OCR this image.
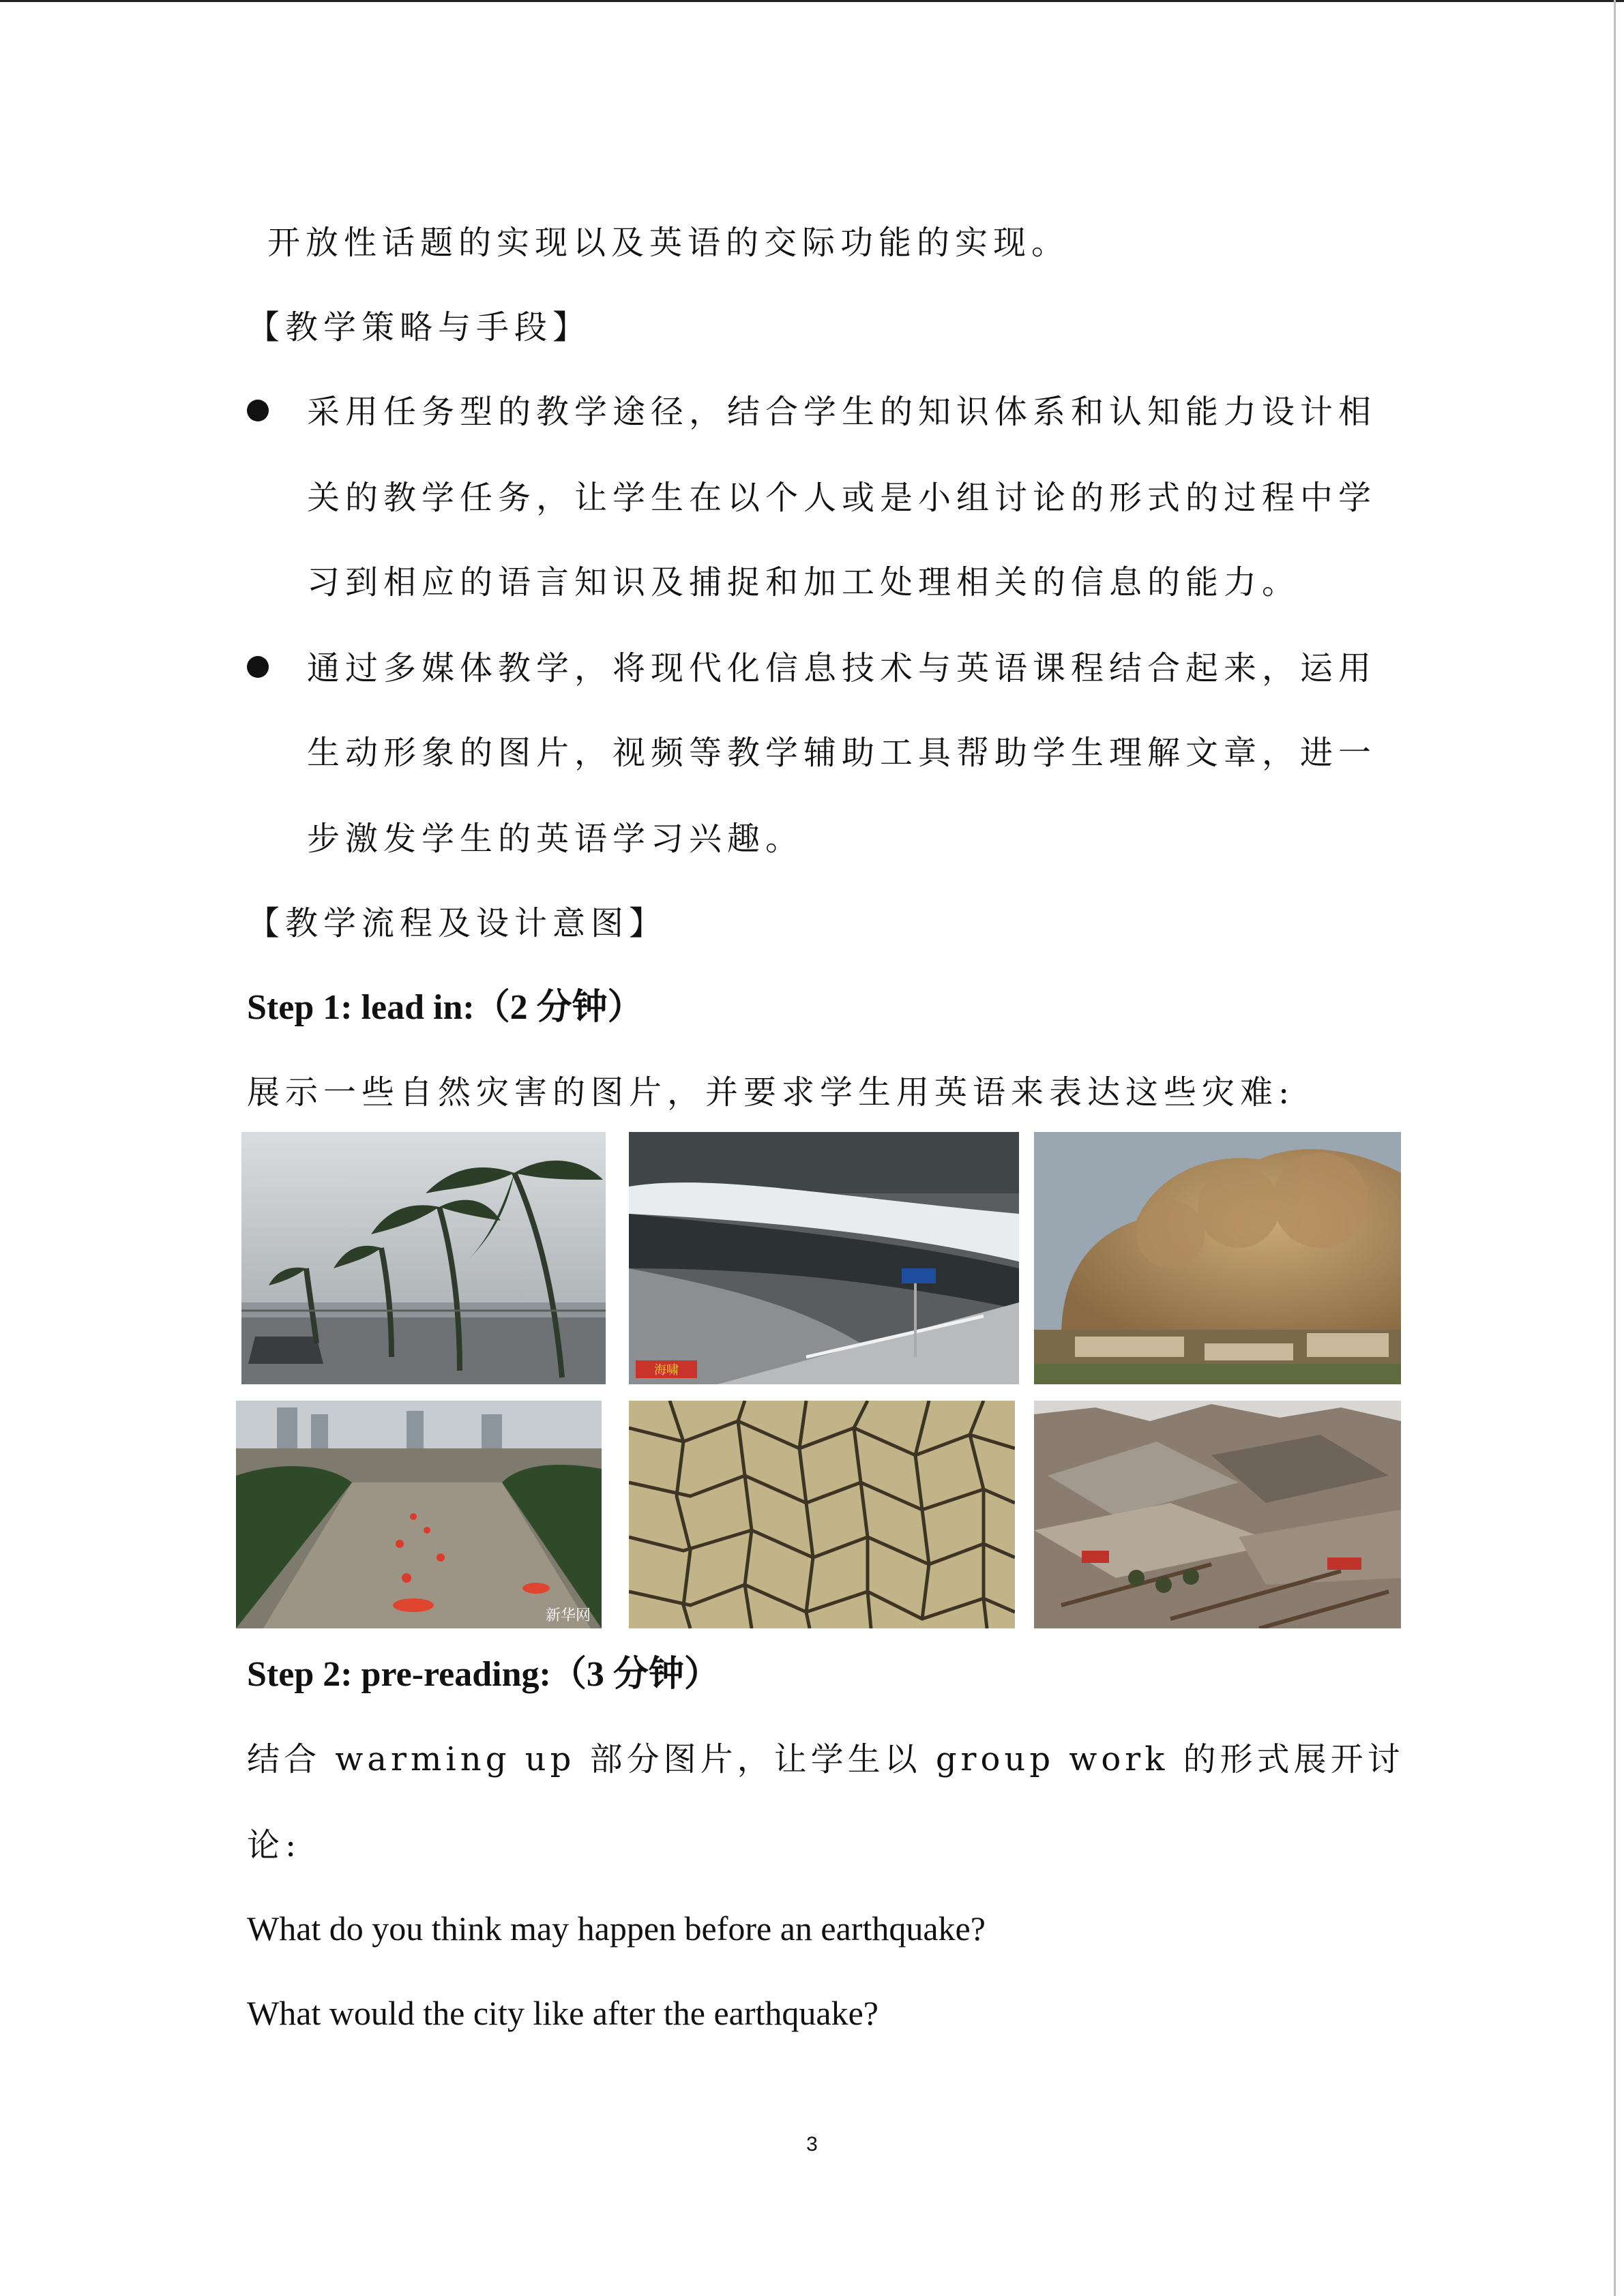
开放性话题的实现以及英语的交际功能的实现。
【教学策略与手段】
采用任务型的教学途径，结合学生的知识体系和认知能力设计相
关的教学任务，让学生在以个人或是小组讨论的形式的过程中学
习到相应的语言知识及捕捉和加工处理相关的信息的能力。
通过多媒体教学，将现代化信息技术与英语课程结合起来，运用
生动形象的图片，视频等教学辅助工具帮助学生理解文章，进一
步激发学生的英语学习兴趣。
【教学流程及设计意图】
Step 1: lead in:（2 分钟）
展示一些自然灾害的图片，并要求学生用英语来表达这些灾难:
海啸
新华网
Step 2: pre-reading:（3 分钟）
结合 warming up 部分图片，让学生以 group work 的形式展开讨
论:
What do you think may happen before an earthquake?
What would the city like after the earthquake?
3
